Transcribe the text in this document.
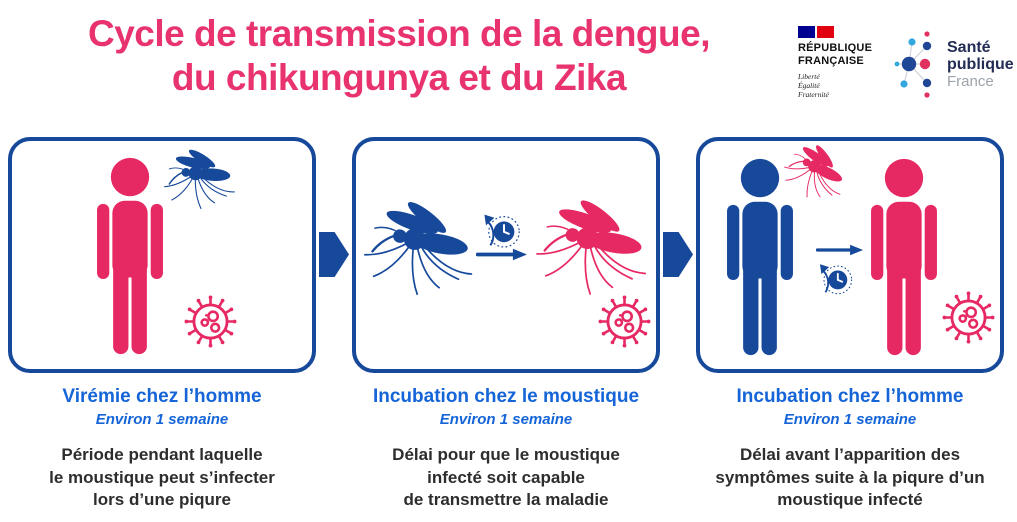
Cycle de transmission de la dengue,
du chikungunya et du Zika
RÉPUBLIQUE
FRANÇAISE
Liberté
Égalité
Fraternité
Santé
publique
France
Virémie chez l’homme
Environ 1 semaine
Période pendant laquelle
le moustique peut s’infecter
lors d’une piqure
Incubation chez le moustique
Environ 1 semaine
Délai pour que le moustique
infecté soit capable
de transmettre la maladie
Incubation chez l’homme
Environ 1 semaine
Délai avant l’apparition des
symptômes suite à la piqure d’un
moustique infecté
